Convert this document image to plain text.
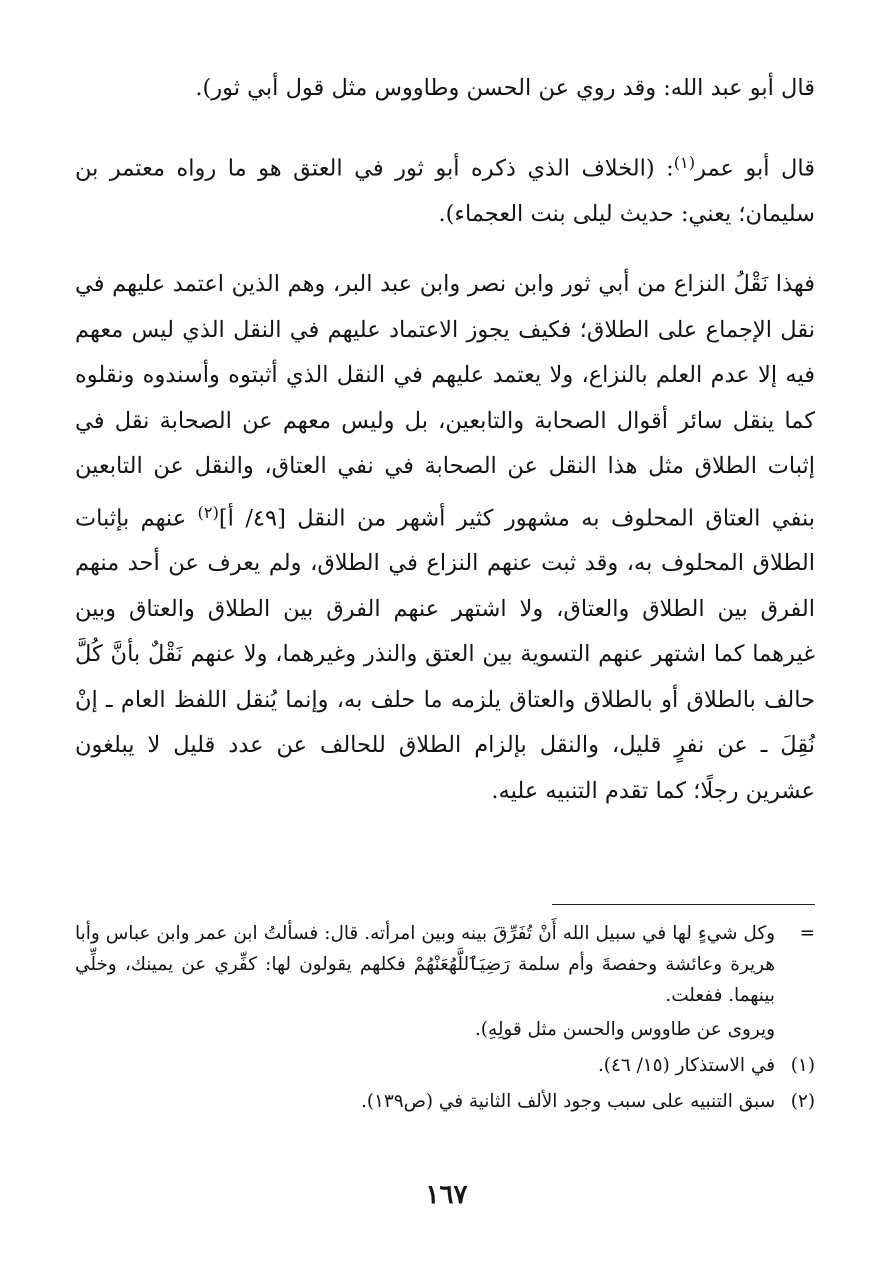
قال أبو عبد الله: وقد روي عن الحسن وطاووس مثل قول أبي ثور).

قال أبو عمر$^{(١)}$: (الخلاف الذي ذكره أبو ثور في العتق هو ما رواه معتمر بن سليمان؛ يعني: حديث ليلى بنت العجماء).

فهذا نَقْلُ النزاع من أبي ثور وابن نصر وابن عبد البر، وهم الذين اعتمد عليهم في نقل الإجماع على الطلاق؛ فكيف يجوز الاعتماد عليهم في النقل الذي ليس معهم فيه إلا عدم العلم بالنزاع، ولا يعتمد عليهم في النقل الذي أثبتوه وأسندوه ونقلوه كما ينقل سائر أقوال الصحابة والتابعين، بل وليس معهم عن الصحابة نقل في إثبات الطلاق مثل هذا النقل عن الصحابة في نفي العتاق، والنقل عن التابعين بنفي العتاق المحلوف به مشهور كثير أشهر من النقل [٤٩/ أ]$^{(٢)}$ عنهم بإثبات الطلاق المحلوف به، وقد ثبت عنهم النزاع في الطلاق، ولم يعرف عن أحد منهم الفرق بين الطلاق والعتاق، ولا اشتهر عنهم الفرق بين الطلاق والعتاق وبين غيرهما كما اشتهر عنهم التسوية بين العتق والنذر وغيرهما، ولا عنهم نَقْلٌ بأنَّ كُلَّ حالف بالطلاق أو بالطلاق والعتاق يلزمه ما حلف به، وإنما يُنقل اللفظ العام ـ إنْ نُقِلَ ـ عن نفرٍ قليل، والنقل بإلزام الطلاق للحالف عن عدد قليل لا يبلغون عشرين رجلًا؛ كما تقدم التنبيه عليه.

=
وكل شيءٍ لها في سبيل الله أَنْ تُفَرِّقَ بينه وبين امرأته. قال: فسألتُ ابن عمر وابن عباس وأبا هريرة وعائشة وحفصةَ وأم سلمة رَضِيَٱللَّهُعَنْهُمْ فكلهم يقولون لها: كفِّري عن يمينك، وخلِّي بينهما. ففعلت.

ويروى عن طاووس والحسن مثل قولِهِ).

(١)
في الاستذكار (١٥/ ٤٦).

(٢)
سبق التنبيه على سبب وجود الألف الثانية في (ص١٣٩).

١٦٧
